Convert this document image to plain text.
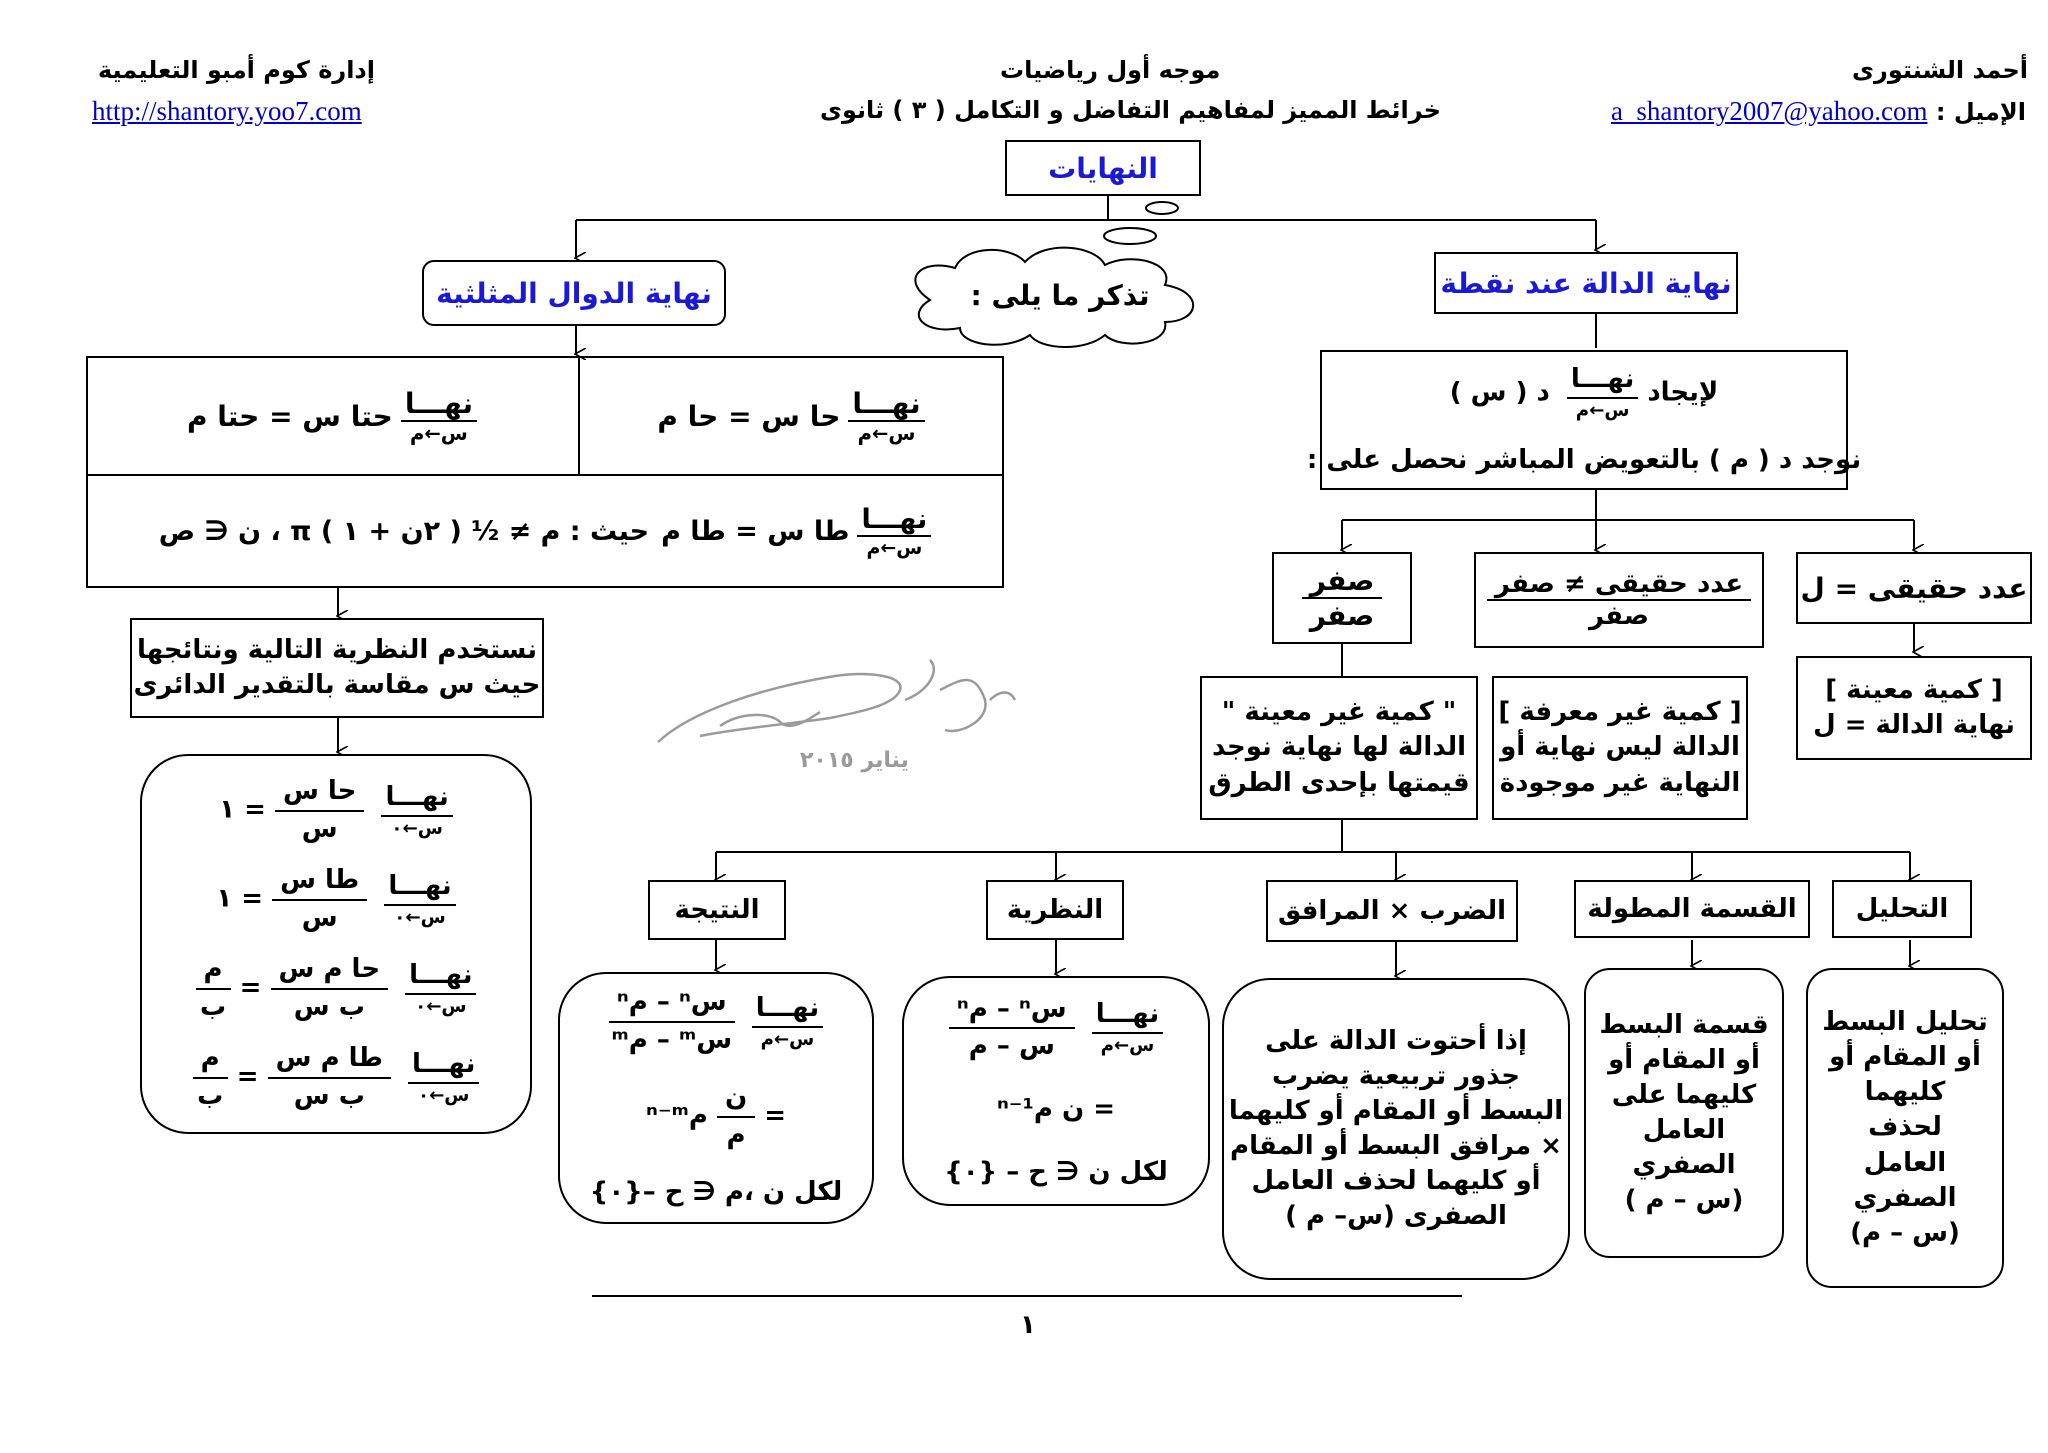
أحمد الشنتورى
الإميل : a_shantory2007@yahoo.com
موجه أول رياضيات
خرائط المميز لمفاهيم التفاضل و التكامل ( ٣ ) ثانوى
إدارة كوم أمبو التعليمية
http://shantory.yoo7.com
النهايات
تذكر ما يلى :	نهاية الدالة عند نقطة
لإيجاد
نهـــا
س←م
د ( س )
نوجد د ( م ) بالتعويض المباشر نحصل على :
عدد حقيقى = ل
[ كمية معينة ]
نهاية الدالة = ل
$\frac{\text{عدد حقيقى ≠ صفر}}{\text{صفر}}$
[ كمية غير معرفة ]
الدالة ليس نهاية أو
النهاية غير موجودة
$\frac{\text{صفر}}{\text{صفر}}$
" كمية غير معينة "
الدالة لها نهاية نوجد
قيمتها بإحدى الطرق
التحليل
القسمة المطولة
الضرب × المرافق
النظرية
النتيجة
تحليل البسط
أو المقام أو
كليهما
لحذف
العامل
الصفري
(س – م)
قسمة البسط
أو المقام أو
كليهما على
العامل
الصفري
(س – م )
إذا أحتوت الدالة على
جذور تربيعية يضرب
البسط أو المقام أو كليهما
× مرافق البسط أو المقام
أو كليهما لحذف العامل
الصفرى (س– م )
نهـــا
س←م

$\frac{\text{سⁿ – مⁿ}}{\text{س – م}}$
= ن مⁿ⁻¹
لكل ن ∈ ح – {٠}
نهـــا
س←م

$\frac{\text{سⁿ – مⁿ}}{\text{سᵐ – مᵐ}}$
=
$\frac{\text{ن}}{\text{م}}$
مⁿ⁻ᵐ
لكل ن ،م ∈ ح –{٠}
نهاية الدوال المثلثية
نهـــا
س←م
حا س = حا م
نهـــا
س←م
حتا س = حتا م
نهـــا
س←م
طا س = طا م
حيث : م ≠ ½ ( ٢ن + ١ ) π ، ن ∈ ص
نستخدم النظرية التالية ونتائجها
حيث س مقاسة بالتقدير الدائرى
نهـــا
س←٠

$\frac{\text{حا س}}{\text{س}}$
= ١
نهـــا
س←٠

$\frac{\text{طا س}}{\text{س}}$
= ١
نهـــا
س←٠

$\frac{\text{حا م س}}{\text{ب س}}$
=
$\frac{\text{م}}{\text{ب}}$
نهـــا
س←٠

$\frac{\text{طا م س}}{\text{ب س}}$
=
$\frac{\text{م}}{\text{ب}}$
يناير ٢٠١٥
١
